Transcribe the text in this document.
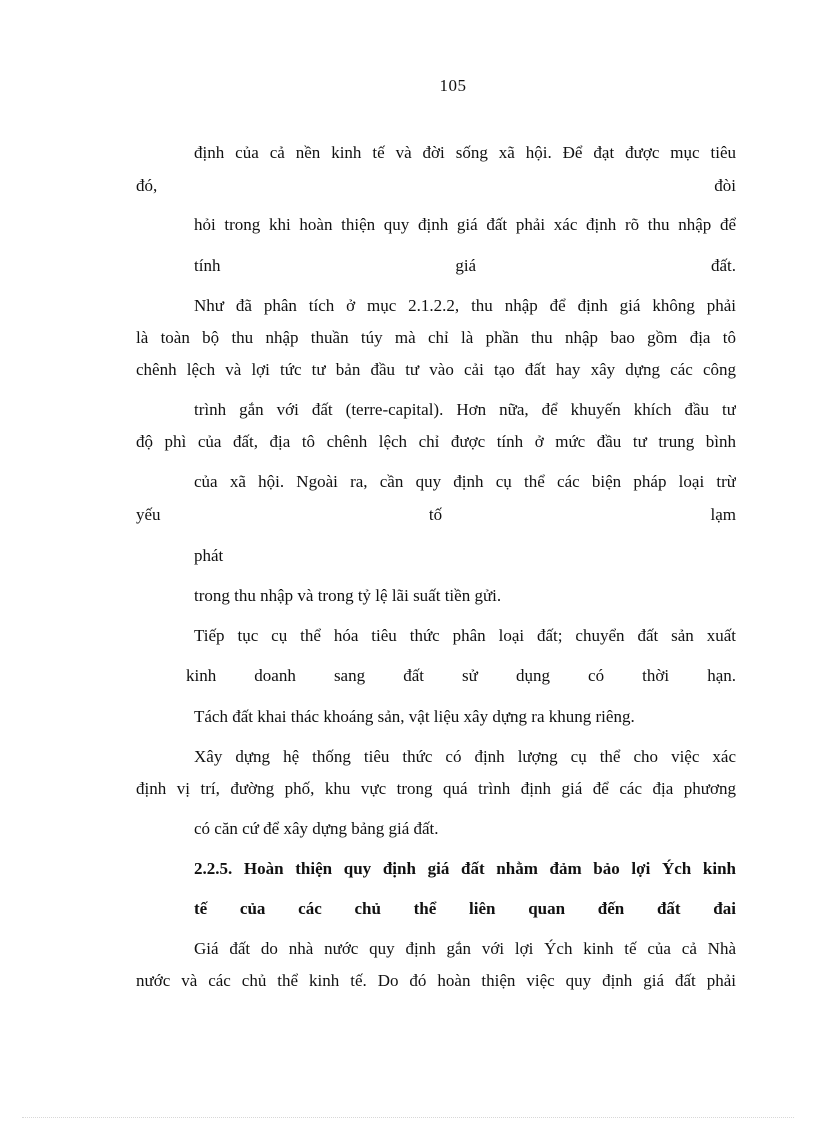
105
định của cả nền kinh tế và đời sống xã hội. Để đạt được mục tiêu
đó, đòi
hỏi trong khi hoàn thiện quy định giá đất phải xác định rõ thu nhập để
tính giá đất.
Như đã phân tích ở mục 2.1.2.2, thu nhập để định giá không phải
là toàn bộ thu nhập thuần túy mà chỉ là phần thu nhập bao gồm địa tô
chênh lệch và lợi tức tư bản đầu tư vào cải tạo đất hay xây dựng các công
trình gắn với đất (terre-capital). Hơn nữa, để khuyến khích đầu tư
độ phì của đất, địa tô chênh lệch chỉ được tính ở mức đầu tư trung bình
của xã hội. Ngoài ra, cần quy định cụ thể các biện pháp loại trừ
yếu tố lạm
phát
trong thu nhập và trong tỷ lệ lãi suất tiền gửi.
Tiếp tục cụ thể hóa tiêu thức phân loại đất; chuyển đất sản xuất
kinh doanh sang đất sử dụng có thời hạn.
Tách đất khai thác khoáng sản, vật liệu xây dựng ra khung riêng.
Xây dựng hệ thống tiêu thức có định lượng cụ thể cho việc xác
định vị trí, đường phố, khu vực trong quá trình định giá để các địa phương
có căn cứ để xây dựng bảng giá đất.
2.2.5. Hoàn thiện quy định giá đất nhằm đảm bảo lợi Ých kinh
tế của các chủ thể liên quan đến đất đai
Giá đất do nhà nước quy định gắn với lợi Ých kinh tế của cả Nhà
nước và các chủ thể kinh tế. Do đó hoàn thiện việc quy định giá đất phải
